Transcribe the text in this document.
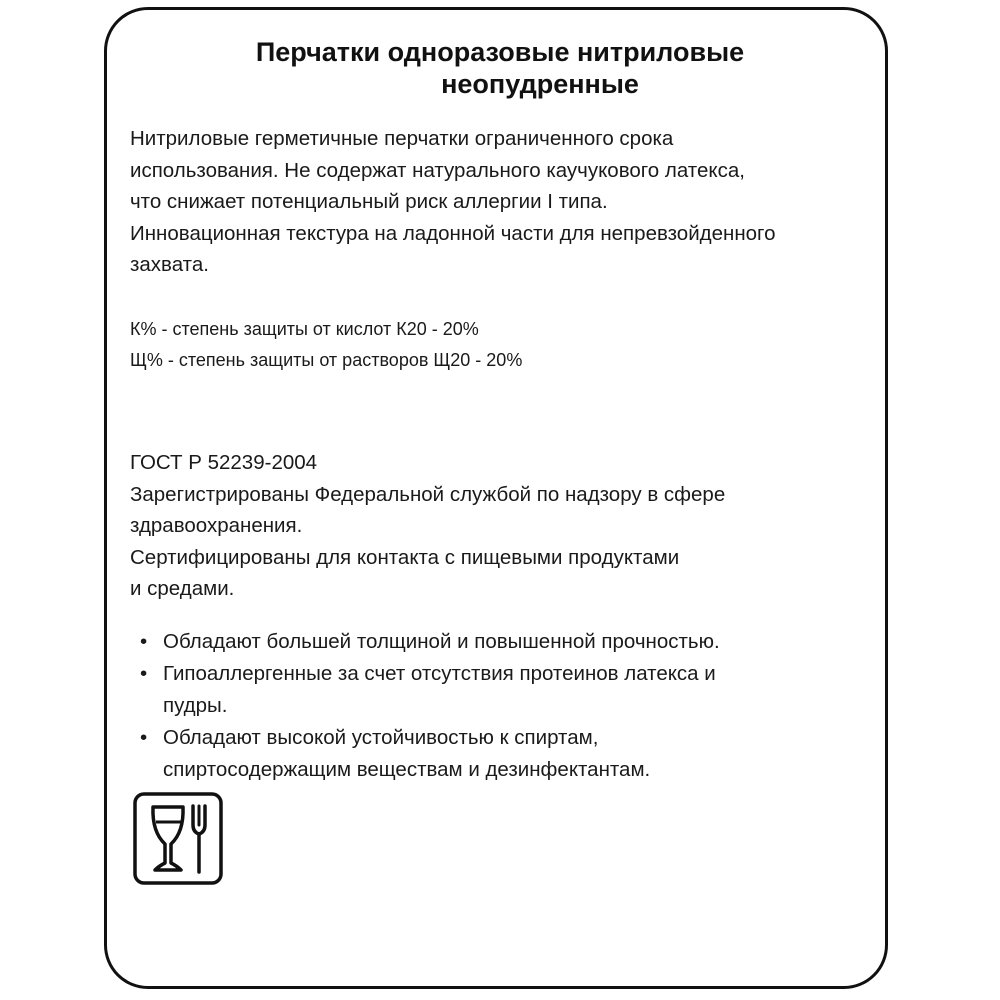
Перчатки одноразовые нитриловые
неопудренные

Нитриловые герметичные перчатки ограниченного срока
использования. Не содержат натурального каучукового латекса,
что снижает потенциальный риск аллергии I типа.
Инновационная текстура на ладонной части для непревзойденного
захвата.

К% - степень защиты от кислот К20 - 20%
Щ% - степень защиты от растворов Щ20 - 20%

ГОСТ Р 52239-2004
Зарегистрированы Федеральной службой по надзору в сфере
здравоохранения.
Сертифицированы для контакта с пищевыми продуктами
и средами.

• Обладают большей толщиной и повышенной прочностью.
• Гипоаллергенные за счет отсутствия протеинов латекса и
пудры.
• Обладают высокой устойчивостью к спиртам,
спиртосодержащим веществам и дезинфектантам.
